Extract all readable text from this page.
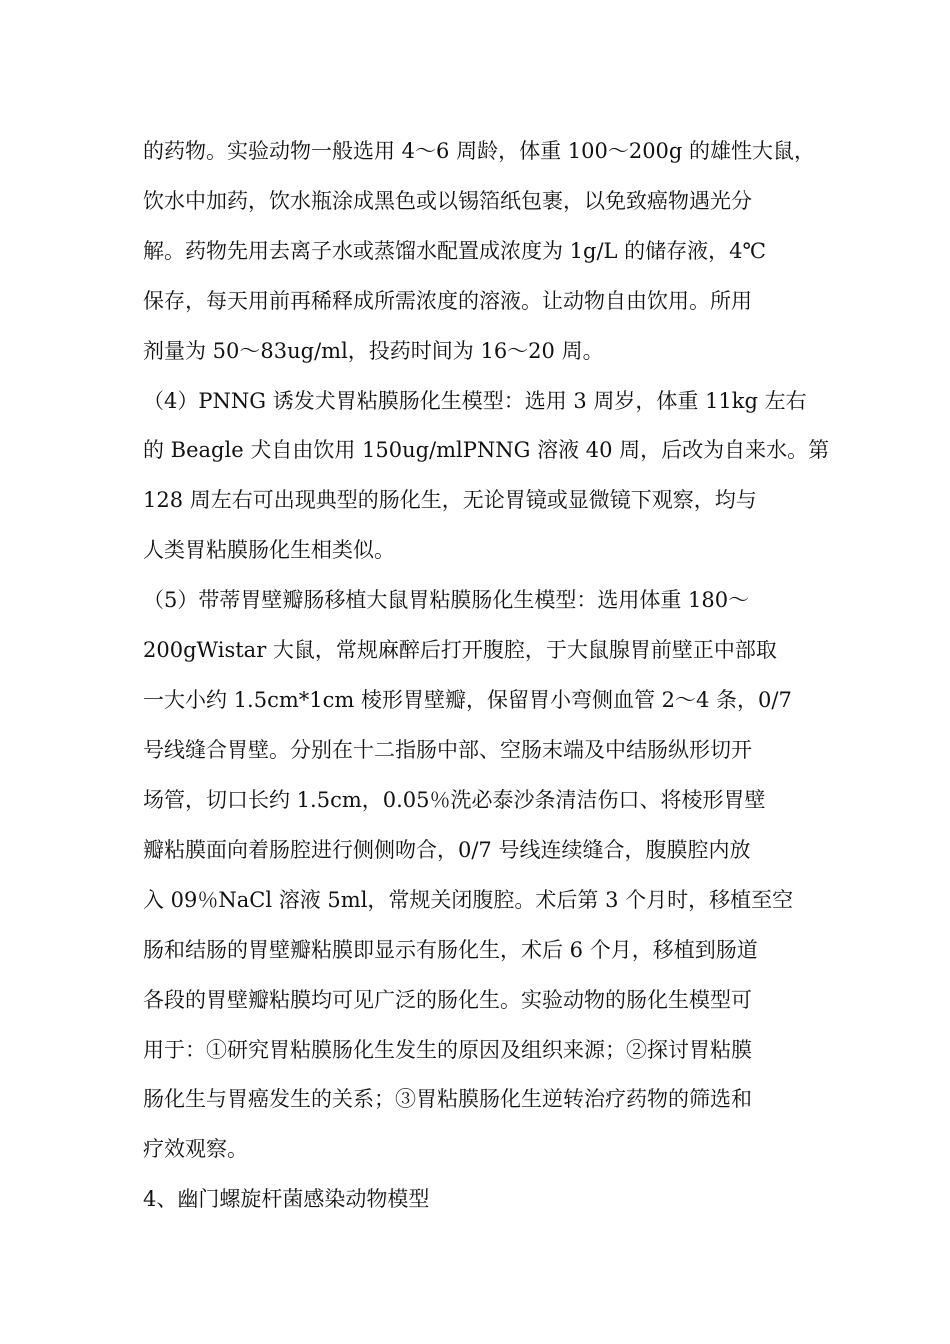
的药物。实验动物一般选用 4～6 周龄，体重 100～200g 的雄性大鼠，
饮水中加药，饮水瓶涂成黑色或以锡箔纸包裹，以免致癌物遇光分
解。药物先用去离子水或蒸馏水配置成浓度为 1g/L 的储存液，4℃
保存，每天用前再稀释成所需浓度的溶液。让动物自由饮用。所用
剂量为 50～83ug/ml，投药时间为 16～20 周。
（4）PNNG 诱发犬胃粘膜肠化生模型：选用 3 周岁，体重 11kg 左右
的 Beagle 犬自由饮用 150ug/mlPNNG 溶液 40 周，后改为自来水。第
128 周左右可出现典型的肠化生，无论胃镜或显微镜下观察，均与
人类胃粘膜肠化生相类似。
（5）带蒂胃壁瓣肠移植大鼠胃粘膜肠化生模型：选用体重 180～
200gWistar 大鼠，常规麻醉后打开腹腔，于大鼠腺胃前壁正中部取
一大小约 1.5cm*1cm 棱形胃壁瓣，保留胃小弯侧血管 2～4 条，0/7
号线缝合胃壁。分别在十二指肠中部、空肠末端及中结肠纵形切开
场管，切口长约 1.5cm，0.05％洗必泰沙条清洁伤口、将棱形胃壁
瓣粘膜面向着肠腔进行侧侧吻合，0/7 号线连续缝合，腹膜腔内放
入 09％NaCl 溶液 5ml，常规关闭腹腔。术后第 3 个月时，移植至空
肠和结肠的胃壁瓣粘膜即显示有肠化生，术后 6 个月，移植到肠道
各段的胃壁瓣粘膜均可见广泛的肠化生。实验动物的肠化生模型可
用于：①研究胃粘膜肠化生发生的原因及组织来源；②探讨胃粘膜
肠化生与胃癌发生的关系；③胃粘膜肠化生逆转治疗药物的筛选和
疗效观察。
4、幽门螺旋杆菌感染动物模型
